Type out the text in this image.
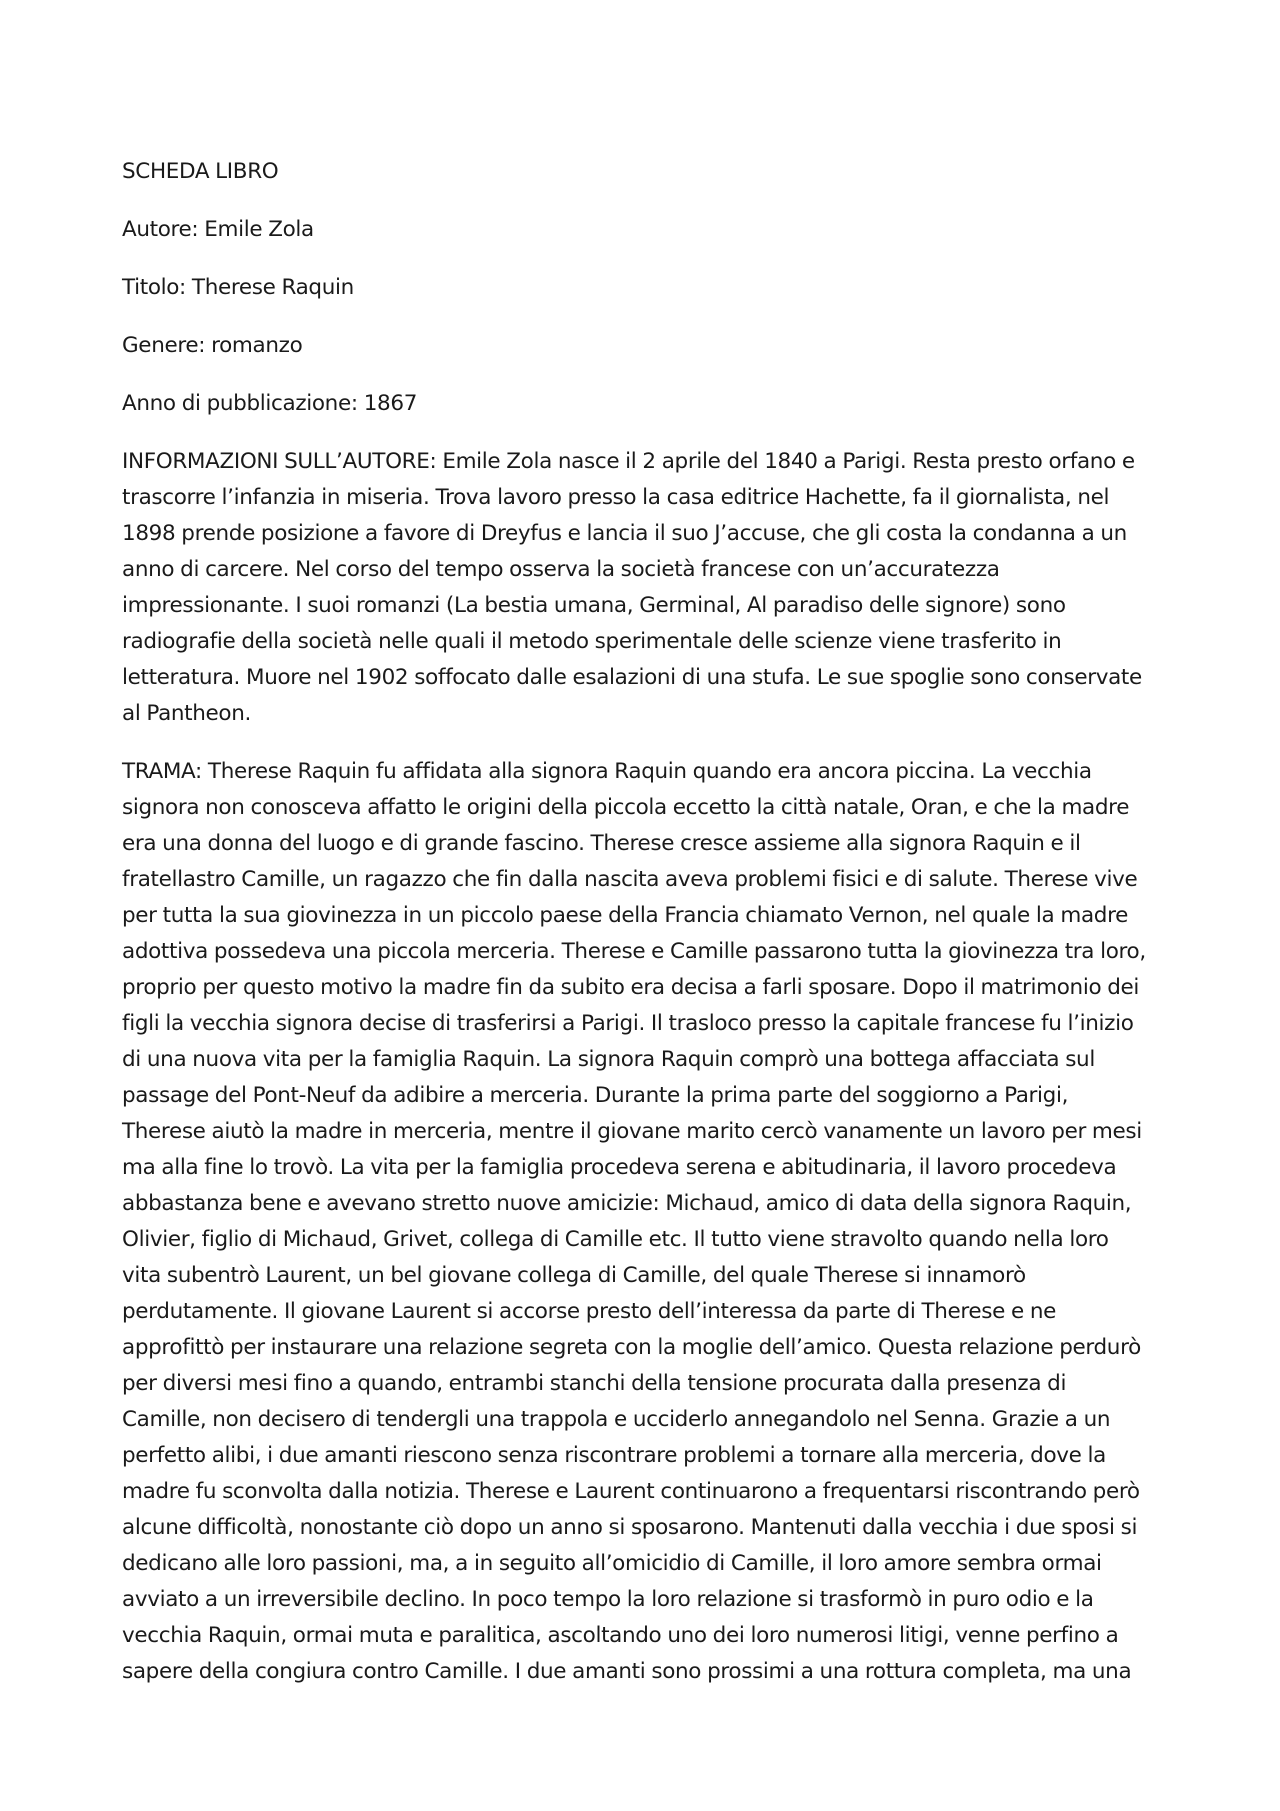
SCHEDA LIBRO
Autore: Emile Zola
Titolo: Therese Raquin
Genere: romanzo
Anno di pubblicazione: 1867
INFORMAZIONI SULL’AUTORE: Emile Zola nasce il 2 aprile del 1840 a Parigi. Resta presto orfano e
trascorre l’infanzia in miseria. Trova lavoro presso la casa editrice Hachette, fa il giornalista, nel
1898 prende posizione a favore di Dreyfus e lancia il suo J’accuse, che gli costa la condanna a un
anno di carcere. Nel corso del tempo osserva la società francese con un’accuratezza
impressionante. I suoi romanzi (La bestia umana, Germinal, Al paradiso delle signore) sono
radiografie della società nelle quali il metodo sperimentale delle scienze viene trasferito in
letteratura. Muore nel 1902 soffocato dalle esalazioni di una stufa. Le sue spoglie sono conservate
al Pantheon.
TRAMA: Therese Raquin fu affidata alla signora Raquin quando era ancora piccina. La vecchia
signora non conosceva affatto le origini della piccola eccetto la città natale, Oran, e che la madre
era una donna del luogo e di grande fascino. Therese cresce assieme alla signora Raquin e il
fratellastro Camille, un ragazzo che fin dalla nascita aveva problemi fisici e di salute. Therese vive
per tutta la sua giovinezza in un piccolo paese della Francia chiamato Vernon, nel quale la madre
adottiva possedeva una piccola merceria. Therese e Camille passarono tutta la giovinezza tra loro,
proprio per questo motivo la madre fin da subito era decisa a farli sposare. Dopo il matrimonio dei
figli la vecchia signora decise di trasferirsi a Parigi. Il trasloco presso la capitale francese fu l’inizio
di una nuova vita per la famiglia Raquin. La signora Raquin comprò una bottega affacciata sul
passage del Pont-Neuf da adibire a merceria. Durante la prima parte del soggiorno a Parigi,
Therese aiutò la madre in merceria, mentre il giovane marito cercò vanamente un lavoro per mesi
ma alla fine lo trovò. La vita per la famiglia procedeva serena e abitudinaria, il lavoro procedeva
abbastanza bene e avevano stretto nuove amicizie: Michaud, amico di data della signora Raquin,
Olivier, figlio di Michaud, Grivet, collega di Camille etc. Il tutto viene stravolto quando nella loro
vita subentrò Laurent, un bel giovane collega di Camille, del quale Therese si innamorò
perdutamente. Il giovane Laurent si accorse presto dell’interessa da parte di Therese e ne
approfittò per instaurare una relazione segreta con la moglie dell’amico. Questa relazione perdurò
per diversi mesi fino a quando, entrambi stanchi della tensione procurata dalla presenza di
Camille, non decisero di tendergli una trappola e ucciderlo annegandolo nel Senna. Grazie a un
perfetto alibi, i due amanti riescono senza riscontrare problemi a tornare alla merceria, dove la
madre fu sconvolta dalla notizia. Therese e Laurent continuarono a frequentarsi riscontrando però
alcune difficoltà, nonostante ciò dopo un anno si sposarono. Mantenuti dalla vecchia i due sposi si
dedicano alle loro passioni, ma, a in seguito all’omicidio di Camille, il loro amore sembra ormai
avviato a un irreversibile declino. In poco tempo la loro relazione si trasformò in puro odio e la
vecchia Raquin, ormai muta e paralitica, ascoltando uno dei loro numerosi litigi, venne perfino a
sapere della congiura contro Camille. I due amanti sono prossimi a una rottura completa, ma una
